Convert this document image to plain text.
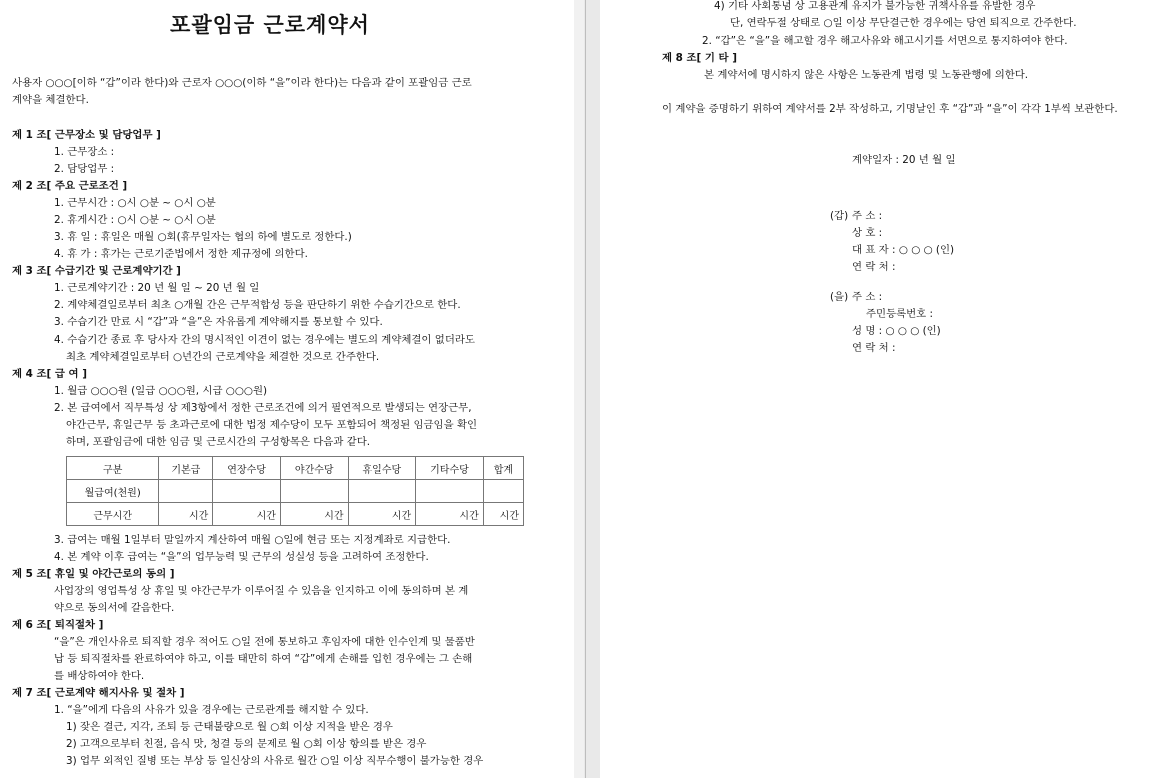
포괄임금 근로계약서
사용자 ○○○[이하 “갑”이라 한다)와 근로자 ○○○(이하 “을”이라 한다)는 다음과 같이 포괄임금 근로
계약을 체결한다.
제 1 조[ 근무장소 및 담당업무 ]
1. 근무장소 :
2. 담당업무 :
제 2 조[ 주요 근로조건 ]
1. 근무시간 : ○시 ○분 ~ ○시 ○분
2. 휴게시간 : ○시 ○분 ~ ○시 ○분
3. 휴 일 : 휴일은 매월 ○회(휴무일자는 협의 하에 별도로 정한다.)
4. 휴 가 : 휴가는 근로기준법에서 정한 제규정에 의한다.
제 3 조[ 수급기간 및 근로계약기간 ]
1. 근로계약기간 : 20 년 월 일 ~ 20 년 월 일
2. 계약체결일로부터 최초 ○개월 간은 근무적합성 등을 판단하기 위한 수습기간으로 한다.
3. 수습기간 만료 시 “갑”과 “을”은 자유롭게 계약해지를 통보할 수 있다.
4. 수습기간 종료 후 당사자 간의 명시적인 이견이 없는 경우에는 별도의 계약체결이 없더라도
최초 계약체결일로부터 ○년간의 근로계약을 체결한 것으로 간주한다.
제 4 조[ 급 여 ]
1. 월급 ○○○원 (일급 ○○○원, 시급 ○○○원)
2. 본 급여에서 직무특성 상 제3항에서 정한 근로조건에 의거 필연적으로 발생되는 연장근무,
야간근무, 휴일근무 등 초과근로에 대한 법정 제수당이 모두 포함되어 책정된 임금임을 확인
하며, 포괄임금에 대한 임금 및 근로시간의 구성항목은 다음과 같다.
구분	기본급	연장수당	야간수당	휴일수당	기타수당	합계
월급여(천원)						
근무시간	시간	시간	시간	시간	시간	시간
3. 급여는 매월 1일부터 말일까지 계산하여 매월 ○일에 현금 또는 지정계좌로 지급한다.
4. 본 계약 이후 급여는 “을”의 업무능력 및 근무의 성실성 등을 고려하여 조정한다.
제 5 조[ 휴일 및 야간근로의 동의 ]
사업장의 영업특성 상 휴일 및 야간근무가 이루어질 수 있음을 인지하고 이에 동의하며 본 계
약으로 동의서에 갈음한다.
제 6 조[ 퇴직절차 ]
“을”은 개인사유로 퇴직할 경우 적어도 ○일 전에 통보하고 후임자에 대한 인수인계 및 물품반
납 등 퇴직절차를 완료하여야 하고, 이를 태만히 하여 “갑”에게 손해를 입힌 경우에는 그 손해
를 배상하여야 한다.
제 7 조[ 근로계약 해지사유 및 절차 ]
1. “을”에게 다음의 사유가 있을 경우에는 근로관계를 해지할 수 있다.
1) 잦은 결근, 지각, 조퇴 등 근태불량으로 월 ○회 이상 지적을 받은 경우
2) 고객으로부터 친절, 음식 맛, 청결 등의 문제로 월 ○회 이상 항의를 받은 경우
3) 업무 외적인 질병 또는 부상 등 일신상의 사유로 월간 ○일 이상 직무수행이 불가능한 경우
4) 기타 사회통념 상 고용관계 유지가 불가능한 귀책사유를 유발한 경우
단, 연락두절 상태로 ○일 이상 무단결근한 경우에는 당연 퇴직으로 간주한다.
2. “갑”은 “을”을 해고할 경우 해고사유와 해고시기를 서면으로 통지하여야 한다.
제 8 조[ 기 타 ]
본 계약서에 명시하지 않은 사항은 노동관계 법령 및 노동관행에 의한다.
이 계약을 증명하기 위하여 계약서를 2부 작성하고, 기명날인 후 “갑”과 “을”이 각각 1부씩 보관한다.
계약일자 : 20 년 월 일
(갑) 주 소 :
상 호 :
대 표 자 : ○ ○ ○ (인)
연 락 처 :
(을) 주 소 :
주민등록번호 :
성 명 : ○ ○ ○ (인)
연 락 처 :
